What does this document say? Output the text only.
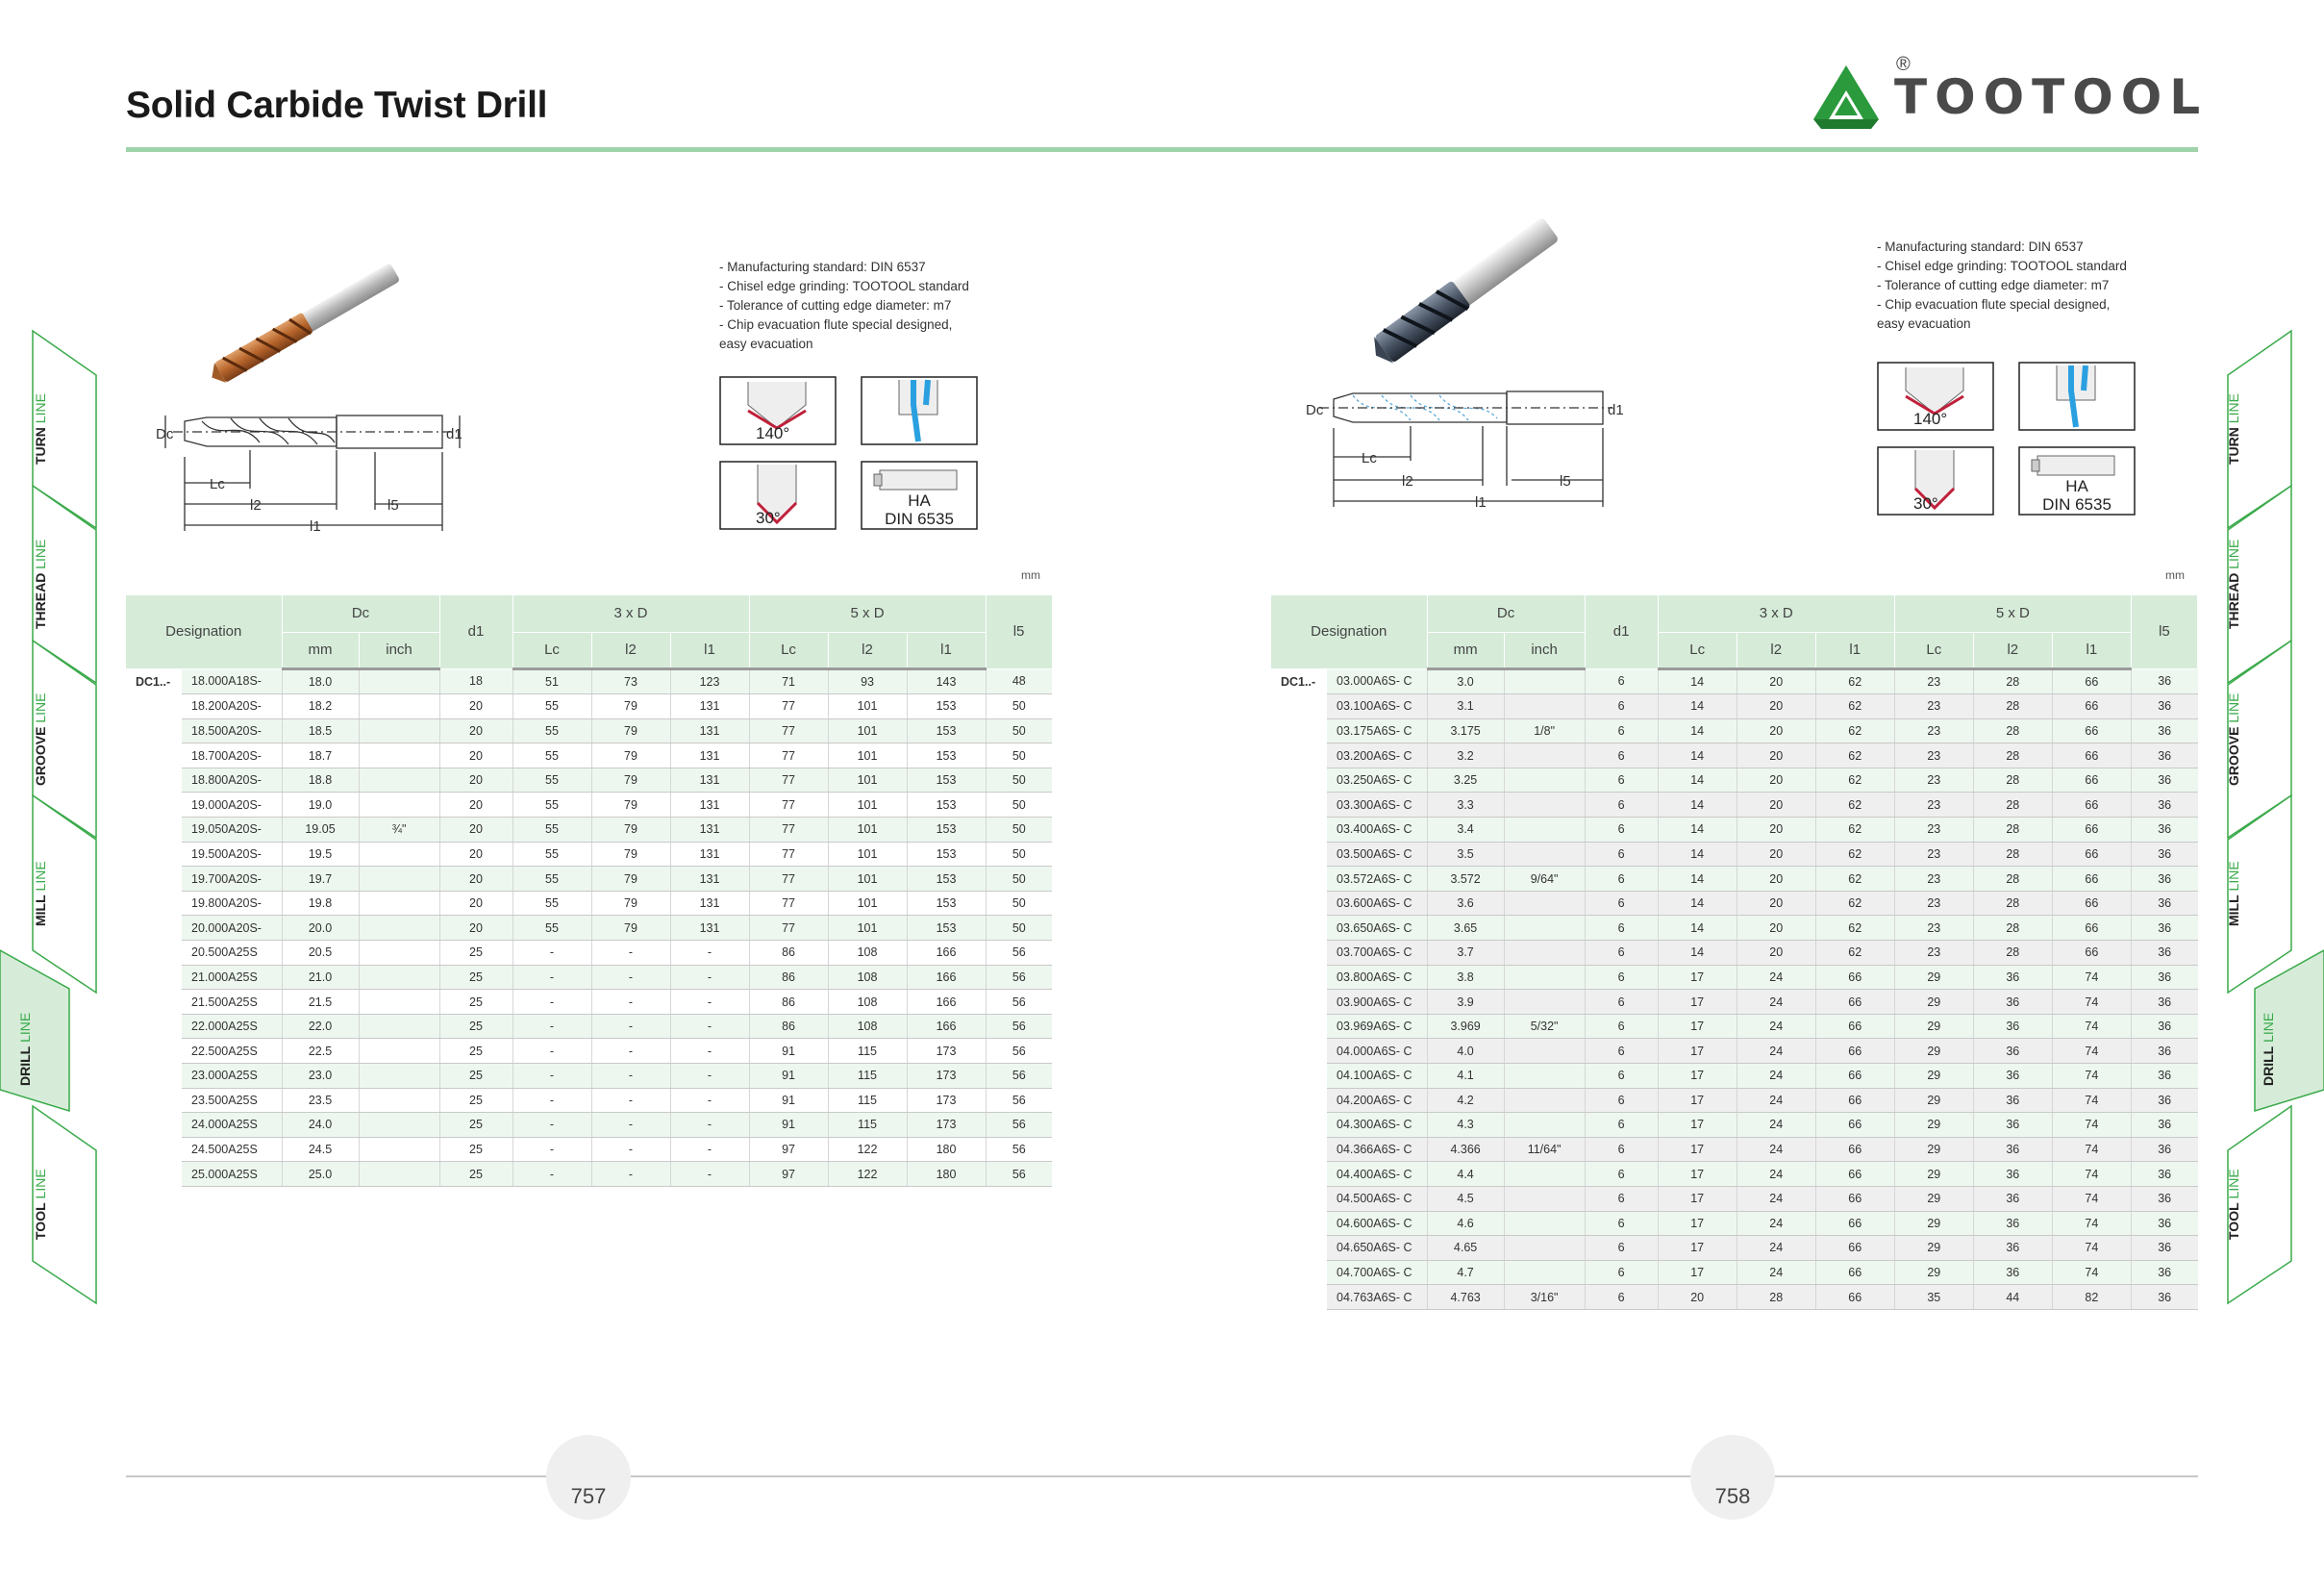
Solid Carbide Twist Drill
®
TOOTOOL
TURN LINE
THREAD LINE
GROOVE LINE
MILL LINE
DRILL LINE
TOOL LINE
TURN LINE
THREAD LINE
GROOVE LINE
MILL LINE
DRILL LINE
TOOL LINE
Dc	d1
Lc
l2	l5
l1
- Manufacturing standard: DIN 6537
- Chisel edge grinding: TOOTOOL standard
- Tolerance of cutting edge diameter: m7
- Chip evacuation flute special designed,
easy evacuation
140°
30°
HA
DIN 6535
140°
30°
HA
DIN 6535
mm
Designation		Dc		d1	3 x D			5 x D			l5
		mm	inch		Lc	l2	l1	Lc	l2	l1	
DC1..-	18.000A18S-	18.0		18	51	73	123	71	93	143	48
	18.200A20S-	18.2		20	55	79	131	77	101	153	50
	18.500A20S-	18.5		20	55	79	131	77	101	153	50
	18.700A20S-	18.7		20	55	79	131	77	101	153	50
	18.800A20S-	18.8		20	55	79	131	77	101	153	50
	19.000A20S-	19.0		20	55	79	131	77	101	153	50
	19.050A20S-	19.05	¾"	20	55	79	131	77	101	153	50
	19.500A20S-	19.5		20	55	79	131	77	101	153	50
	19.700A20S-	19.7		20	55	79	131	77	101	153	50
	19.800A20S-	19.8		20	55	79	131	77	101	153	50
	20.000A20S-	20.0		20	55	79	131	77	101	153	50
	20.500A25S	20.5		25	-	-	-	86	108	166	56
	21.000A25S	21.0		25	-	-	-	86	108	166	56
	21.500A25S	21.5		25	-	-	-	86	108	166	56
	22.000A25S	22.0		25	-	-	-	86	108	166	56
	22.500A25S	22.5		25	-	-	-	91	115	173	56
	23.000A25S	23.0		25	-	-	-	91	115	173	56
	23.500A25S	23.5		25	-	-	-	91	115	173	56
	24.000A25S	24.0		25	-	-	-	91	115	173	56
	24.500A25S	24.5		25	-	-	-	97	122	180	56
	25.000A25S	25.0		25	-	-	-	97	122	180	56
Dc	d1
Lc
l2	l5
l1
- Manufacturing standard: DIN 6537
- Chisel edge grinding: TOOTOOL standard
- Tolerance of cutting edge diameter: m7
- Chip evacuation flute special designed,
easy evacuation
mm
Designation		Dc		d1	3 x D			5 x D			l5
		mm	inch		Lc	l2	l1	Lc	l2	l1	
DC1..-	03.000A6S- C	3.0		6	14	20	62	23	28	66	36
	03.100A6S- C	3.1		6	14	20	62	23	28	66	36
	03.175A6S- C	3.175	1/8"	6	14	20	62	23	28	66	36
	03.200A6S- C	3.2		6	14	20	62	23	28	66	36
	03.250A6S- C	3.25		6	14	20	62	23	28	66	36
	03.300A6S- C	3.3		6	14	20	62	23	28	66	36
	03.400A6S- C	3.4		6	14	20	62	23	28	66	36
	03.500A6S- C	3.5		6	14	20	62	23	28	66	36
	03.572A6S- C	3.572	9/64"	6	14	20	62	23	28	66	36
	03.600A6S- C	3.6		6	14	20	62	23	28	66	36
	03.650A6S- C	3.65		6	14	20	62	23	28	66	36
	03.700A6S- C	3.7		6	14	20	62	23	28	66	36
	03.800A6S- C	3.8		6	17	24	66	29	36	74	36
	03.900A6S- C	3.9		6	17	24	66	29	36	74	36
	03.969A6S- C	3.969	5/32"	6	17	24	66	29	36	74	36
	04.000A6S- C	4.0		6	17	24	66	29	36	74	36
	04.100A6S- C	4.1		6	17	24	66	29	36	74	36
	04.200A6S- C	4.2		6	17	24	66	29	36	74	36
	04.300A6S- C	4.3		6	17	24	66	29	36	74	36
	04.366A6S- C	4.366	11/64"	6	17	24	66	29	36	74	36
	04.400A6S- C	4.4		6	17	24	66	29	36	74	36
	04.500A6S- C	4.5		6	17	24	66	29	36	74	36
	04.600A6S- C	4.6		6	17	24	66	29	36	74	36
	04.650A6S- C	4.65		6	17	24	66	29	36	74	36
	04.700A6S- C	4.7		6	17	24	66	29	36	74	36
	04.763A6S- C	4.763	3/16"	6	20	28	66	35	44	82	36
757	758
